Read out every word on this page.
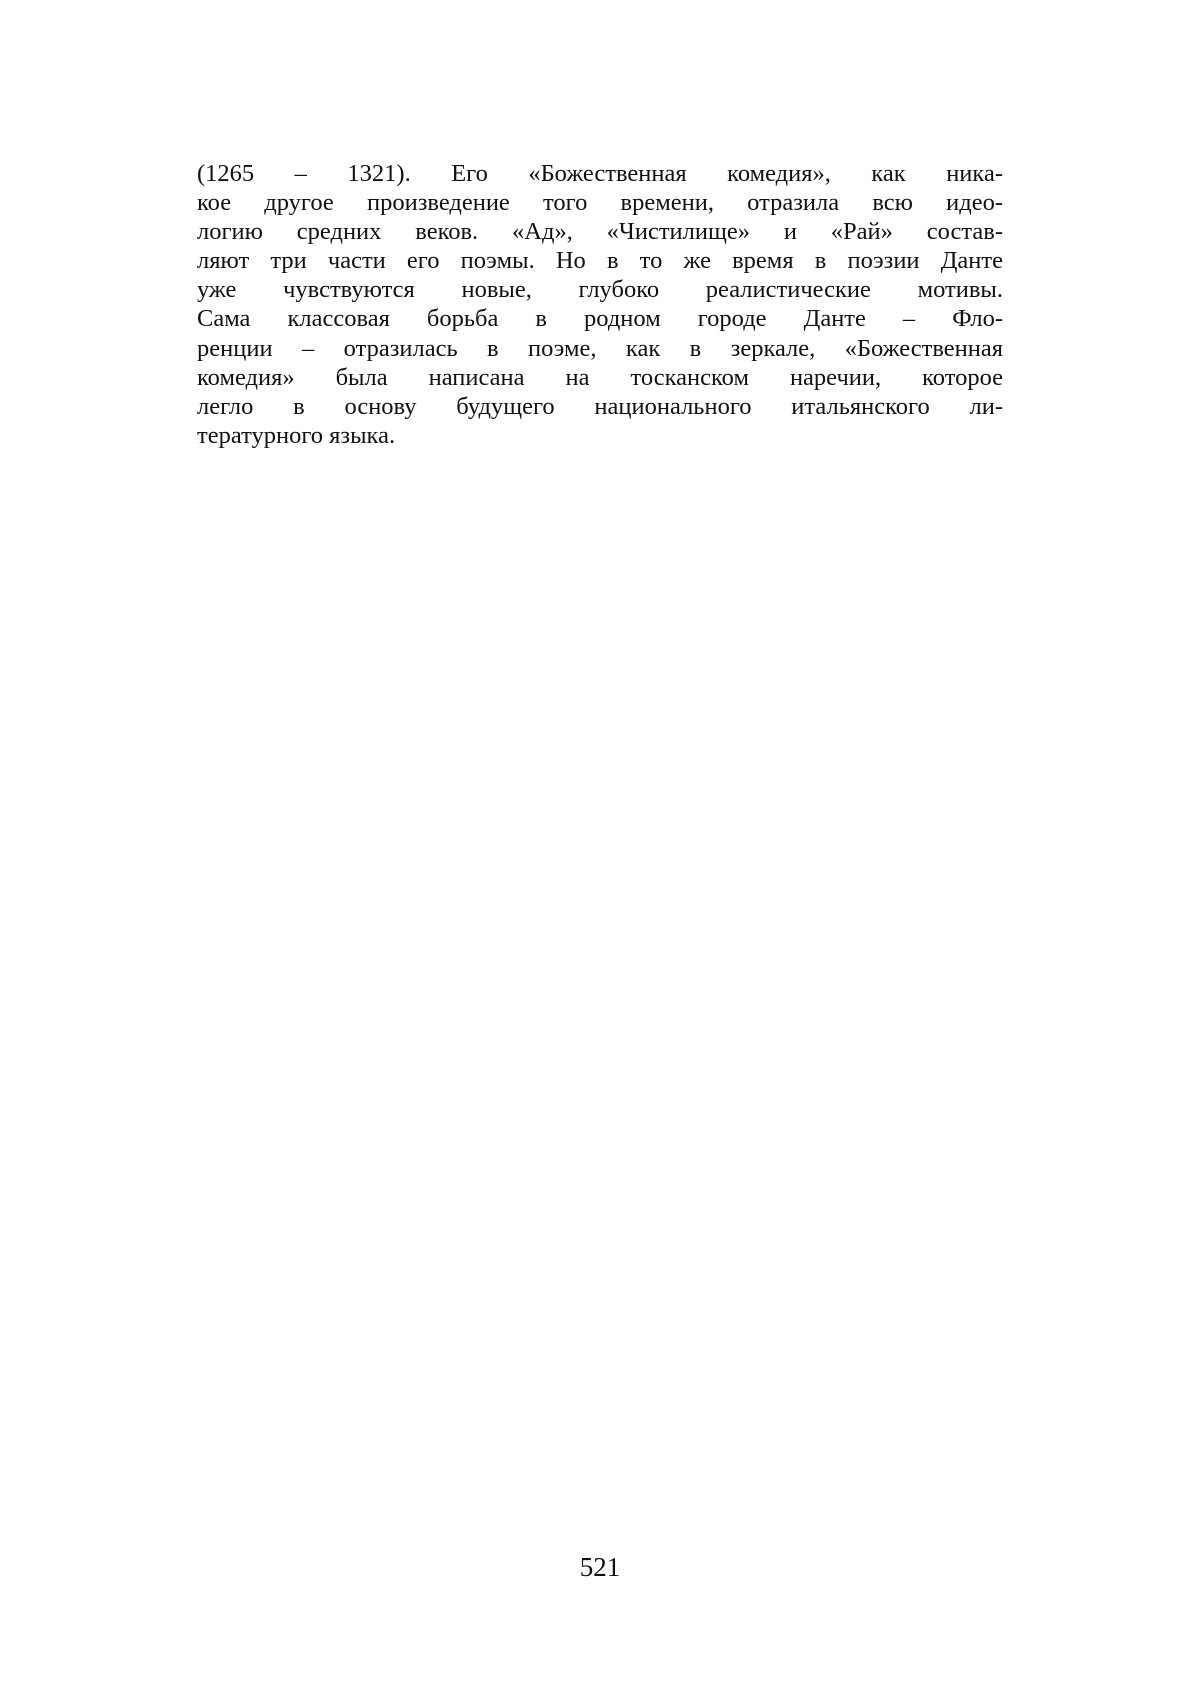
(1265 – 1321). Его «Божественная комедия», как ника-
кое другое произведение того времени, отразила всю идео-
логию средних веков. «Ад», «Чистилище» и «Рай» состав-
ляют три части его поэмы. Но в то же время в поэзии Данте
уже чувствуются новые, глубоко реалистические мотивы.
Сама классовая борьба в родном городе Данте – Фло-
ренции – отразилась в поэме, как в зеркале, «Божественная
комедия» была написана на тосканском наречии, которое
легло в основу будущего национального итальянского ли-
тературного языка.
521
